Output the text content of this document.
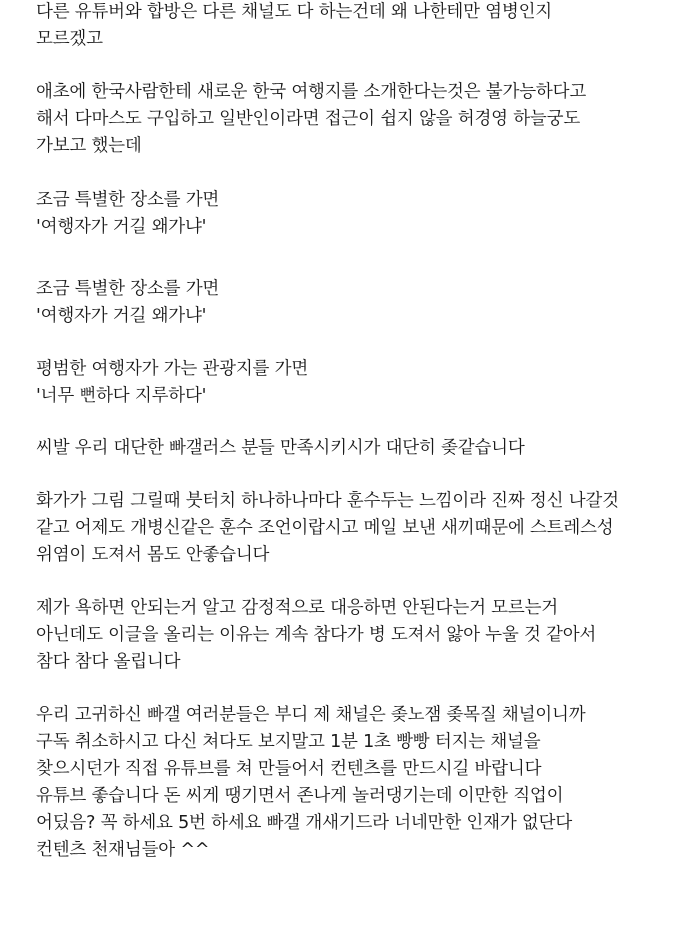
다른 유튜버와 합방은 다른 채널도 다 하는건데 왜 나한테만 염병인지
모르겠고
애초에 한국사람한테 새로운 한국 여행지를 소개한다는것은 불가능하다고
해서 다마스도 구입하고 일반인이라면 접근이 쉽지 않을 허경영 하늘궁도
가보고 했는데
조금 특별한 장소를 가면
'여행자가 거길 왜가냐'
조금 특별한 장소를 가면
'여행자가 거길 왜가냐'
평범한 여행자가 가는 관광지를 가면
'너무 뻔하다 지루하다'
씨발 우리 대단한 빠갤러스 분들 만족시키시가 대단히 좆같습니다
화가가 그림 그릴때 붓터치 하나하나마다 훈수두는 느낌이라 진짜 정신 나갈것
같고 어제도 개병신같은 훈수 조언이랍시고 메일 보낸 새끼때문에 스트레스성
위염이 도져서 몸도 안좋습니다
제가 욕하면 안되는거 알고 감정적으로 대응하면 안된다는거 모르는거
아닌데도 이글을 올리는 이유는 계속 참다가 병 도져서 앓아 누울 것 같아서
참다 참다 올립니다
우리 고귀하신 빠갤 여러분들은 부디 제 채널은 좆노잼 좆목질 채널이니까
구독 취소하시고 다신 쳐다도 보지말고 1분 1초 빵빵 터지는 채널을
찾으시던가 직접 유튜브를 쳐 만들어서 컨텐츠를 만드시길 바랍니다
유튜브 좋습니다 돈 씨게 땡기면서 존나게 놀러댕기는데 이만한 직업이
어딨음? 꼭 하세요 5번 하세요 빠갤 개새기드라 너네만한 인재가 없단다
컨텐츠 천재님들아 ^^
